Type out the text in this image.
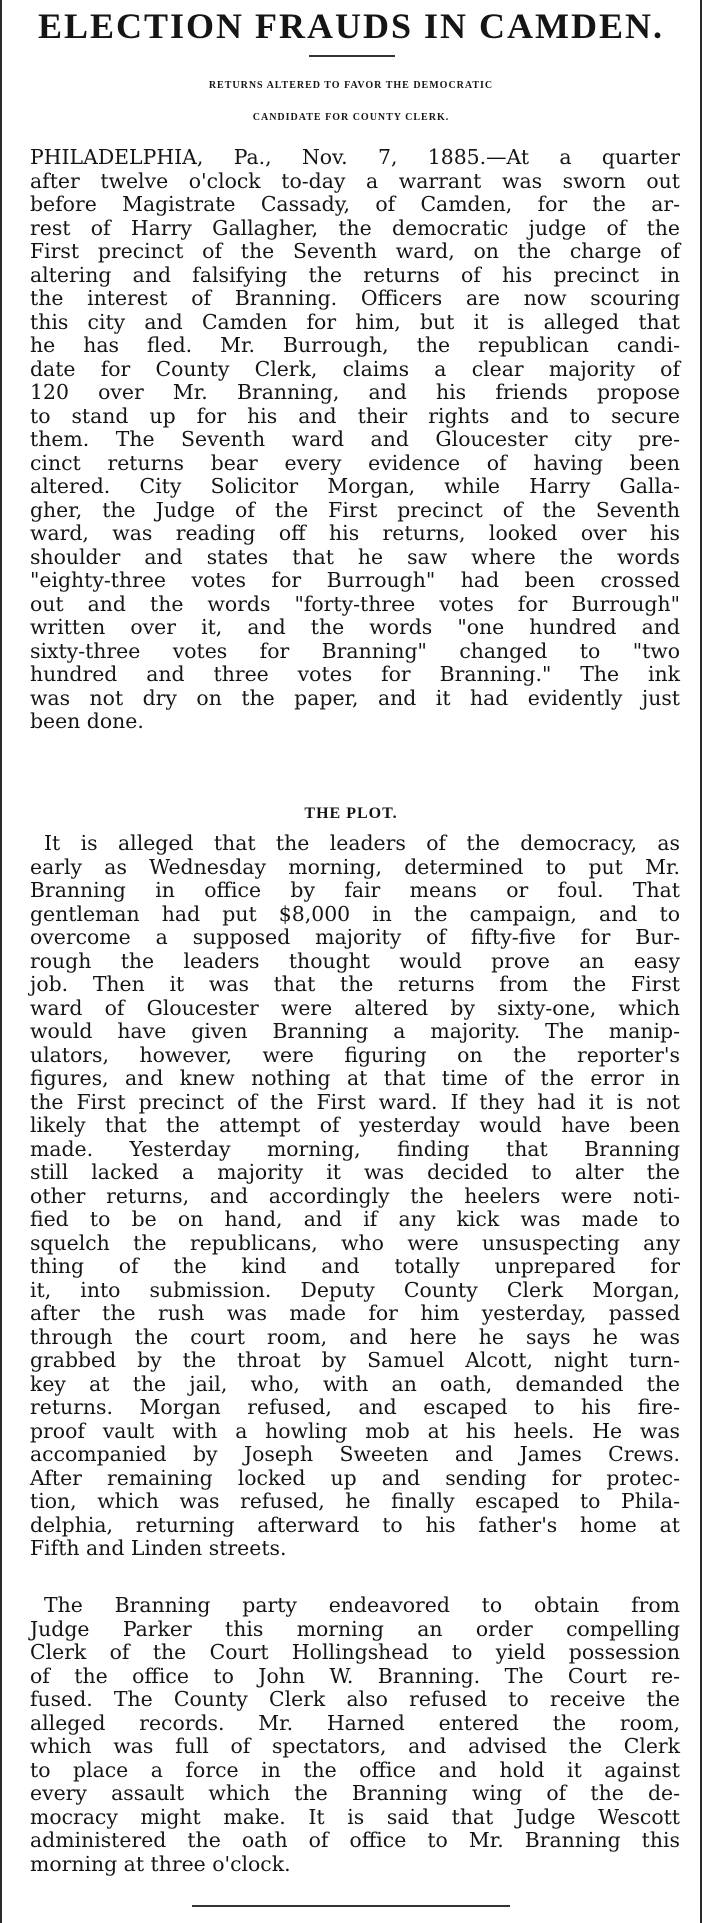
ELECTION FRAUDS IN CAMDEN.
RETURNS ALTERED TO FAVOR THE DEMOCRATIC
CANDIDATE FOR COUNTY CLERK.
PHILADELPHIA, Pa., Nov. 7, 1885.—At a quarter
after twelve o'clock to-day a warrant was sworn out
before Magistrate Cassady, of Camden, for the ar-
rest of Harry Gallagher, the democratic judge of the
First precinct of the Seventh ward, on the charge of
altering and falsifying the returns of his precinct in
the interest of Branning. Officers are now scouring
this city and Camden for him, but it is alleged that
he has fled. Mr. Burrough, the republican candi-
date for County Clerk, claims a clear majority of
120 over Mr. Branning, and his friends propose
to stand up for his and their rights and to secure
them. The Seventh ward and Gloucester city pre-
cinct returns bear every evidence of having been
altered. City Solicitor Morgan, while Harry Galla-
gher, the Judge of the First precinct of the Seventh
ward, was reading off his returns, looked over his
shoulder and states that he saw where the words
"eighty-three votes for Burrough" had been crossed
out and the words "forty-three votes for Burrough"
written over it, and the words "one hundred and
sixty-three votes for Branning" changed to "two
hundred and three votes for Branning." The ink
was not dry on the paper, and it had evidently just
been done.
THE PLOT.
It is alleged that the leaders of the democracy, as
early as Wednesday morning, determined to put Mr.
Branning in office by fair means or foul. That
gentleman had put $8,000 in the campaign, and to
overcome a supposed majority of fifty-five for Bur-
rough the leaders thought would prove an easy
job. Then it was that the returns from the First
ward of Gloucester were altered by sixty-one, which
would have given Branning a majority. The manip-
ulators, however, were figuring on the reporter's
figures, and knew nothing at that time of the error in
the First precinct of the First ward. If they had it is not
likely that the attempt of yesterday would have been
made. Yesterday morning, finding that Branning
still lacked a majority it was decided to alter the
other returns, and accordingly the heelers were noti-
fied to be on hand, and if any kick was made to
squelch the republicans, who were unsuspecting any
thing of the kind and totally unprepared for
it, into submission. Deputy County Clerk Morgan,
after the rush was made for him yesterday, passed
through the court room, and here he says he was
grabbed by the throat by Samuel Alcott, night turn-
key at the jail, who, with an oath, demanded the
returns. Morgan refused, and escaped to his fire-
proof vault with a howling mob at his heels. He was
accompanied by Joseph Sweeten and James Crews.
After remaining locked up and sending for protec-
tion, which was refused, he finally escaped to Phila-
delphia, returning afterward to his father's home at
Fifth and Linden streets.
The Branning party endeavored to obtain from
Judge Parker this morning an order compelling
Clerk of the Court Hollingshead to yield possession
of the office to John W. Branning. The Court re-
fused. The County Clerk also refused to receive the
alleged records. Mr. Harned entered the room,
which was full of spectators, and advised the Clerk
to place a force in the office and hold it against
every assault which the Branning wing of the de-
mocracy might make. It is said that Judge Wescott
administered the oath of office to Mr. Branning this
morning at three o'clock.
